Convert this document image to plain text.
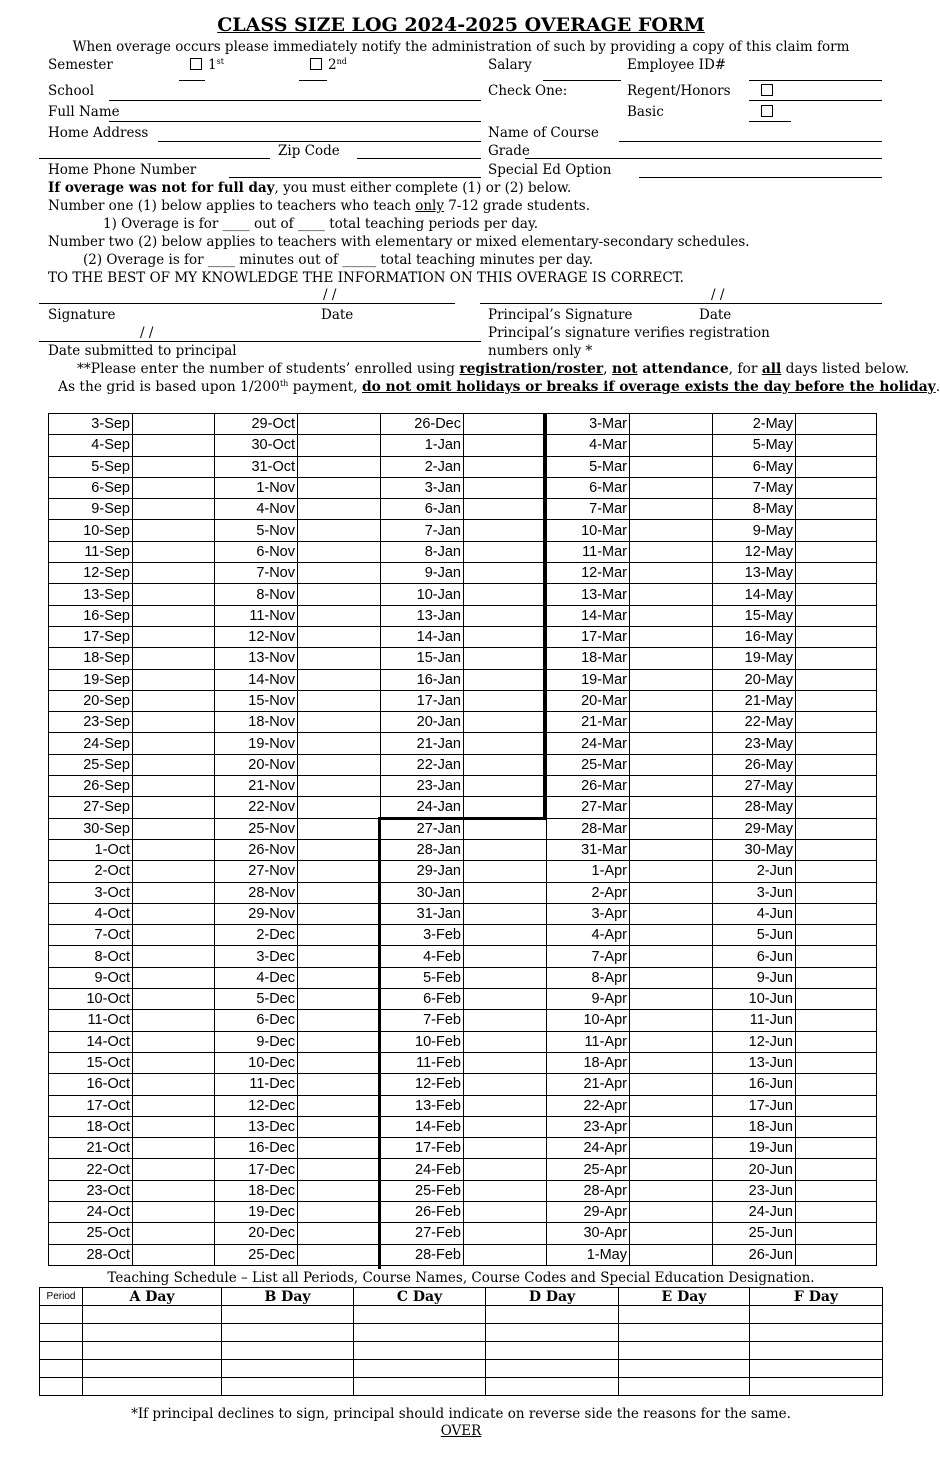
CLASS SIZE LOG 2024-2025 OVERAGE FORM
When overage occurs please immediately notify the administration of such by providing a copy of this claim form
Semester	1st	2nd	Salary	Employee ID#
School	Check One:	Regent/Honors
Full Name	Basic
Home Address	Name of Course
Zip Code	Grade
Home Phone Number	Special Ed Option
If overage was not for full day, you must either complete (1) or (2) below.
Number one (1) below applies to teachers who teach only 7-12 grade students.
1) Overage is for ____ out of ____ total teaching periods per day.
Number two (2) below applies to teachers with elementary or mixed elementary-secondary schedules.
(2) Overage is for ____ minutes out of _____ total teaching minutes per day.
TO THE BEST OF MY KNOWLEDGE THE INFORMATION ON THIS OVERAGE IS CORRECT.
/ /	/ /
Signature	Date	Principal’s Signature	Date
/ /	Principal’s signature verifies registration
Date submitted to principal	numbers only *
**Please enter the number of students’ enrolled using registration/roster, not attendance, for all days listed below.
As the grid is based upon 1/200th payment, do not omit holidays or breaks if overage exists the day before the holiday.
3-Sep		29-Oct		26-Dec		3-Mar		2-May	
4-Sep		30-Oct		1-Jan		4-Mar		5-May	
5-Sep		31-Oct		2-Jan		5-Mar		6-May	
6-Sep		1-Nov		3-Jan		6-Mar		7-May	
9-Sep		4-Nov		6-Jan		7-Mar		8-May	
10-Sep		5-Nov		7-Jan		10-Mar		9-May	
11-Sep		6-Nov		8-Jan		11-Mar		12-May	
12-Sep		7-Nov		9-Jan		12-Mar		13-May	
13-Sep		8-Nov		10-Jan		13-Mar		14-May	
16-Sep		11-Nov		13-Jan		14-Mar		15-May	
17-Sep		12-Nov		14-Jan		17-Mar		16-May	
18-Sep		13-Nov		15-Jan		18-Mar		19-May	
19-Sep		14-Nov		16-Jan		19-Mar		20-May	
20-Sep		15-Nov		17-Jan		20-Mar		21-May	
23-Sep		18-Nov		20-Jan		21-Mar		22-May	
24-Sep		19-Nov		21-Jan		24-Mar		23-May	
25-Sep		20-Nov		22-Jan		25-Mar		26-May	
26-Sep		21-Nov		23-Jan		26-Mar		27-May	
27-Sep		22-Nov		24-Jan		27-Mar		28-May	
30-Sep		25-Nov		27-Jan		28-Mar		29-May	
1-Oct		26-Nov		28-Jan		31-Mar		30-May	
2-Oct		27-Nov		29-Jan		1-Apr		2-Jun	
3-Oct		28-Nov		30-Jan		2-Apr		3-Jun	
4-Oct		29-Nov		31-Jan		3-Apr		4-Jun	
7-Oct		2-Dec		3-Feb		4-Apr		5-Jun	
8-Oct		3-Dec		4-Feb		7-Apr		6-Jun	
9-Oct		4-Dec		5-Feb		8-Apr		9-Jun	
10-Oct		5-Dec		6-Feb		9-Apr		10-Jun	
11-Oct		6-Dec		7-Feb		10-Apr		11-Jun	
14-Oct		9-Dec		10-Feb		11-Apr		12-Jun	
15-Oct		10-Dec		11-Feb		18-Apr		13-Jun	
16-Oct		11-Dec		12-Feb		21-Apr		16-Jun	
17-Oct		12-Dec		13-Feb		22-Apr		17-Jun	
18-Oct		13-Dec		14-Feb		23-Apr		18-Jun	
21-Oct		16-Dec		17-Feb		24-Apr		19-Jun	
22-Oct		17-Dec		24-Feb		25-Apr		20-Jun	
23-Oct		18-Dec		25-Feb		28-Apr		23-Jun	
24-Oct		19-Dec		26-Feb		29-Apr		24-Jun	
25-Oct		20-Dec		27-Feb		30-Apr		25-Jun	
28-Oct		25-Dec		28-Feb		1-May		26-Jun	
Teaching Schedule – List all Periods, Course Names, Course Codes and Special Education Designation.
Period	A Day	B Day	C Day	D Day	E Day	F Day

*If principal declines to sign, principal should indicate on reverse side the reasons for the same.
OVER
